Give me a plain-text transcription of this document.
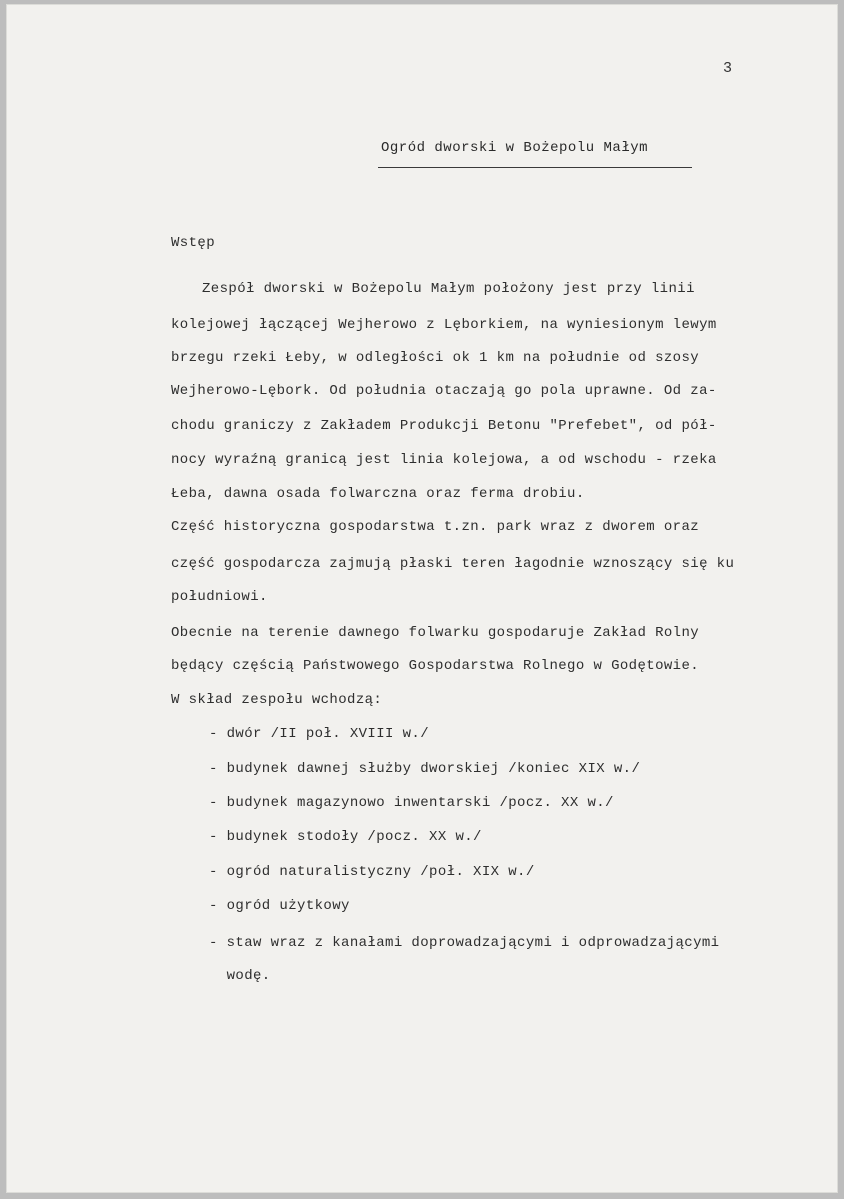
3
Ogród dworski w Bożepolu Małym
Wstęp
Zespół dworski w Bożepolu Małym położony jest przy linii
kolejowej łączącej Wejherowo z Lęborkiem, na wyniesionym lewym
brzegu rzeki Łeby, w odległości ok 1 km na południe od szosy
Wejherowo-Lębork. Od południa otaczają go pola uprawne. Od za-
chodu graniczy z Zakładem Produkcji Betonu "Prefebet", od pół-
nocy wyraźną granicą jest linia kolejowa, a od wschodu - rzeka
Łeba, dawna osada folwarczna oraz ferma drobiu.
Część historyczna gospodarstwa t.zn. park wraz z dworem oraz
część gospodarcza zajmują płaski teren łagodnie wznoszący się ku
południowi.
Obecnie na terenie dawnego folwarku gospodaruje Zakład Rolny
będący częścią Państwowego Gospodarstwa Rolnego w Godętowie.
W skład zespołu wchodzą:
- dwór /II poł. XVIII w./
- budynek dawnej służby dworskiej /koniec XIX w./
- budynek magazynowo inwentarski /pocz. XX w./
- budynek stodoły /pocz. XX w./
- ogród naturalistyczny /poł. XIX w./
- ogród użytkowy
- staw wraz z kanałami doprowadzającymi i odprowadzającymi
wodę.
